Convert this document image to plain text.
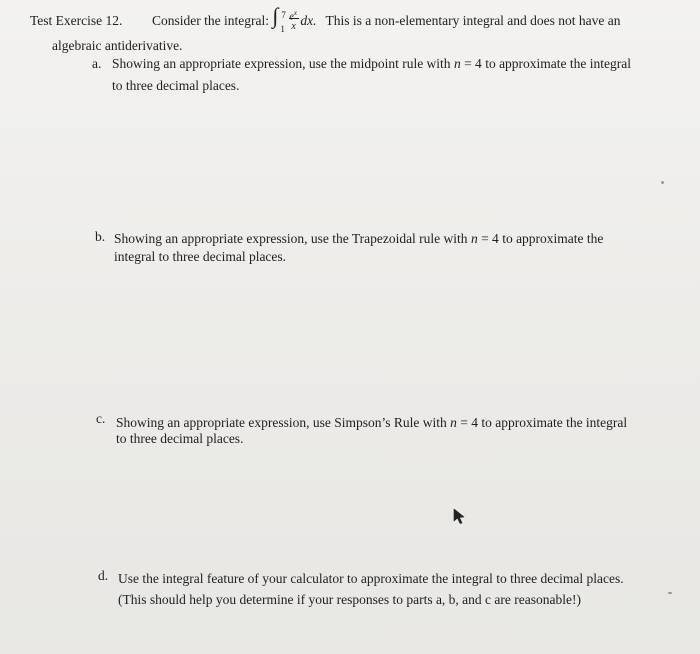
Test Exercise 12. Consider the integral: ∫ 7
1
$e^x$
x dx. This is a non-elementary integral and does not have an
algebraic antiderivative.
a. Showing an appropriate expression, use the midpoint rule with n = 4 to approximate the integral
to three decimal places.
b. Showing an appropriate expression, use the Trapezoidal rule with n = 4 to approximate the
integral to three decimal places.
c. Showing an appropriate expression, use Simpson’s Rule with n = 4 to approximate the integral
to three decimal places.
d. Use the integral feature of your calculator to approximate the integral to three decimal places.
(This should help you determine if your responses to parts a, b, and c are reasonable!)
